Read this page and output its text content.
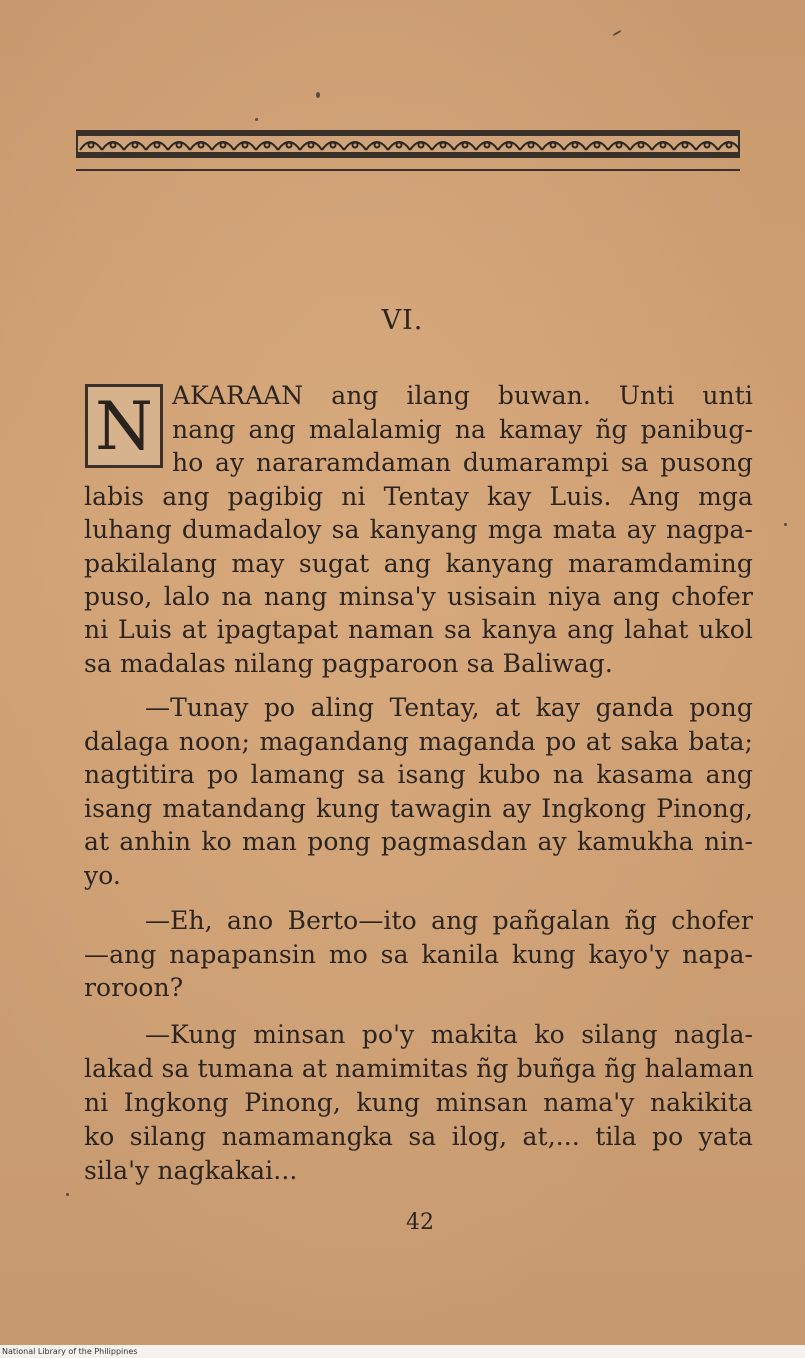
VI.
N AKARAAN ang ilang buwan. Unti unti
nang ang malalamig na kamay ñg panibug-
ho ay nararamdaman dumarampi sa pusong
labis ang pagibig ni Tentay kay Luis. Ang mga
luhang dumadaloy sa kanyang mga mata ay nagpa-
pakilalang may sugat ang kanyang maramdaming
puso, lalo na nang minsa'y usisain niya ang chofer
ni Luis at ipagtapat naman sa kanya ang lahat ukol
sa madalas nilang pagparoon sa Baliwag.
—Tunay po aling Tentay, at kay ganda pong
dalaga noon; magandang maganda po at saka bata;
nagtitira po lamang sa isang kubo na kasama ang
isang matandang kung tawagin ay Ingkong Pinong,
at anhin ko man pong pagmasdan ay kamukha nin-
yo.
—Eh, ano Berto—ito ang pañgalan ñg chofer
—ang napapansin mo sa kanila kung kayo'y napa-
roroon?
—Kung minsan po'y makita ko silang nagla-
lakad sa tumana at namimitas ñg buñga ñg halaman
ni Ingkong Pinong, kung minsan nama'y nakikita
ko silang namamangka sa ilog, at,... tila po yata
sila'y nagkakai...
42
National Library of the Philippines
